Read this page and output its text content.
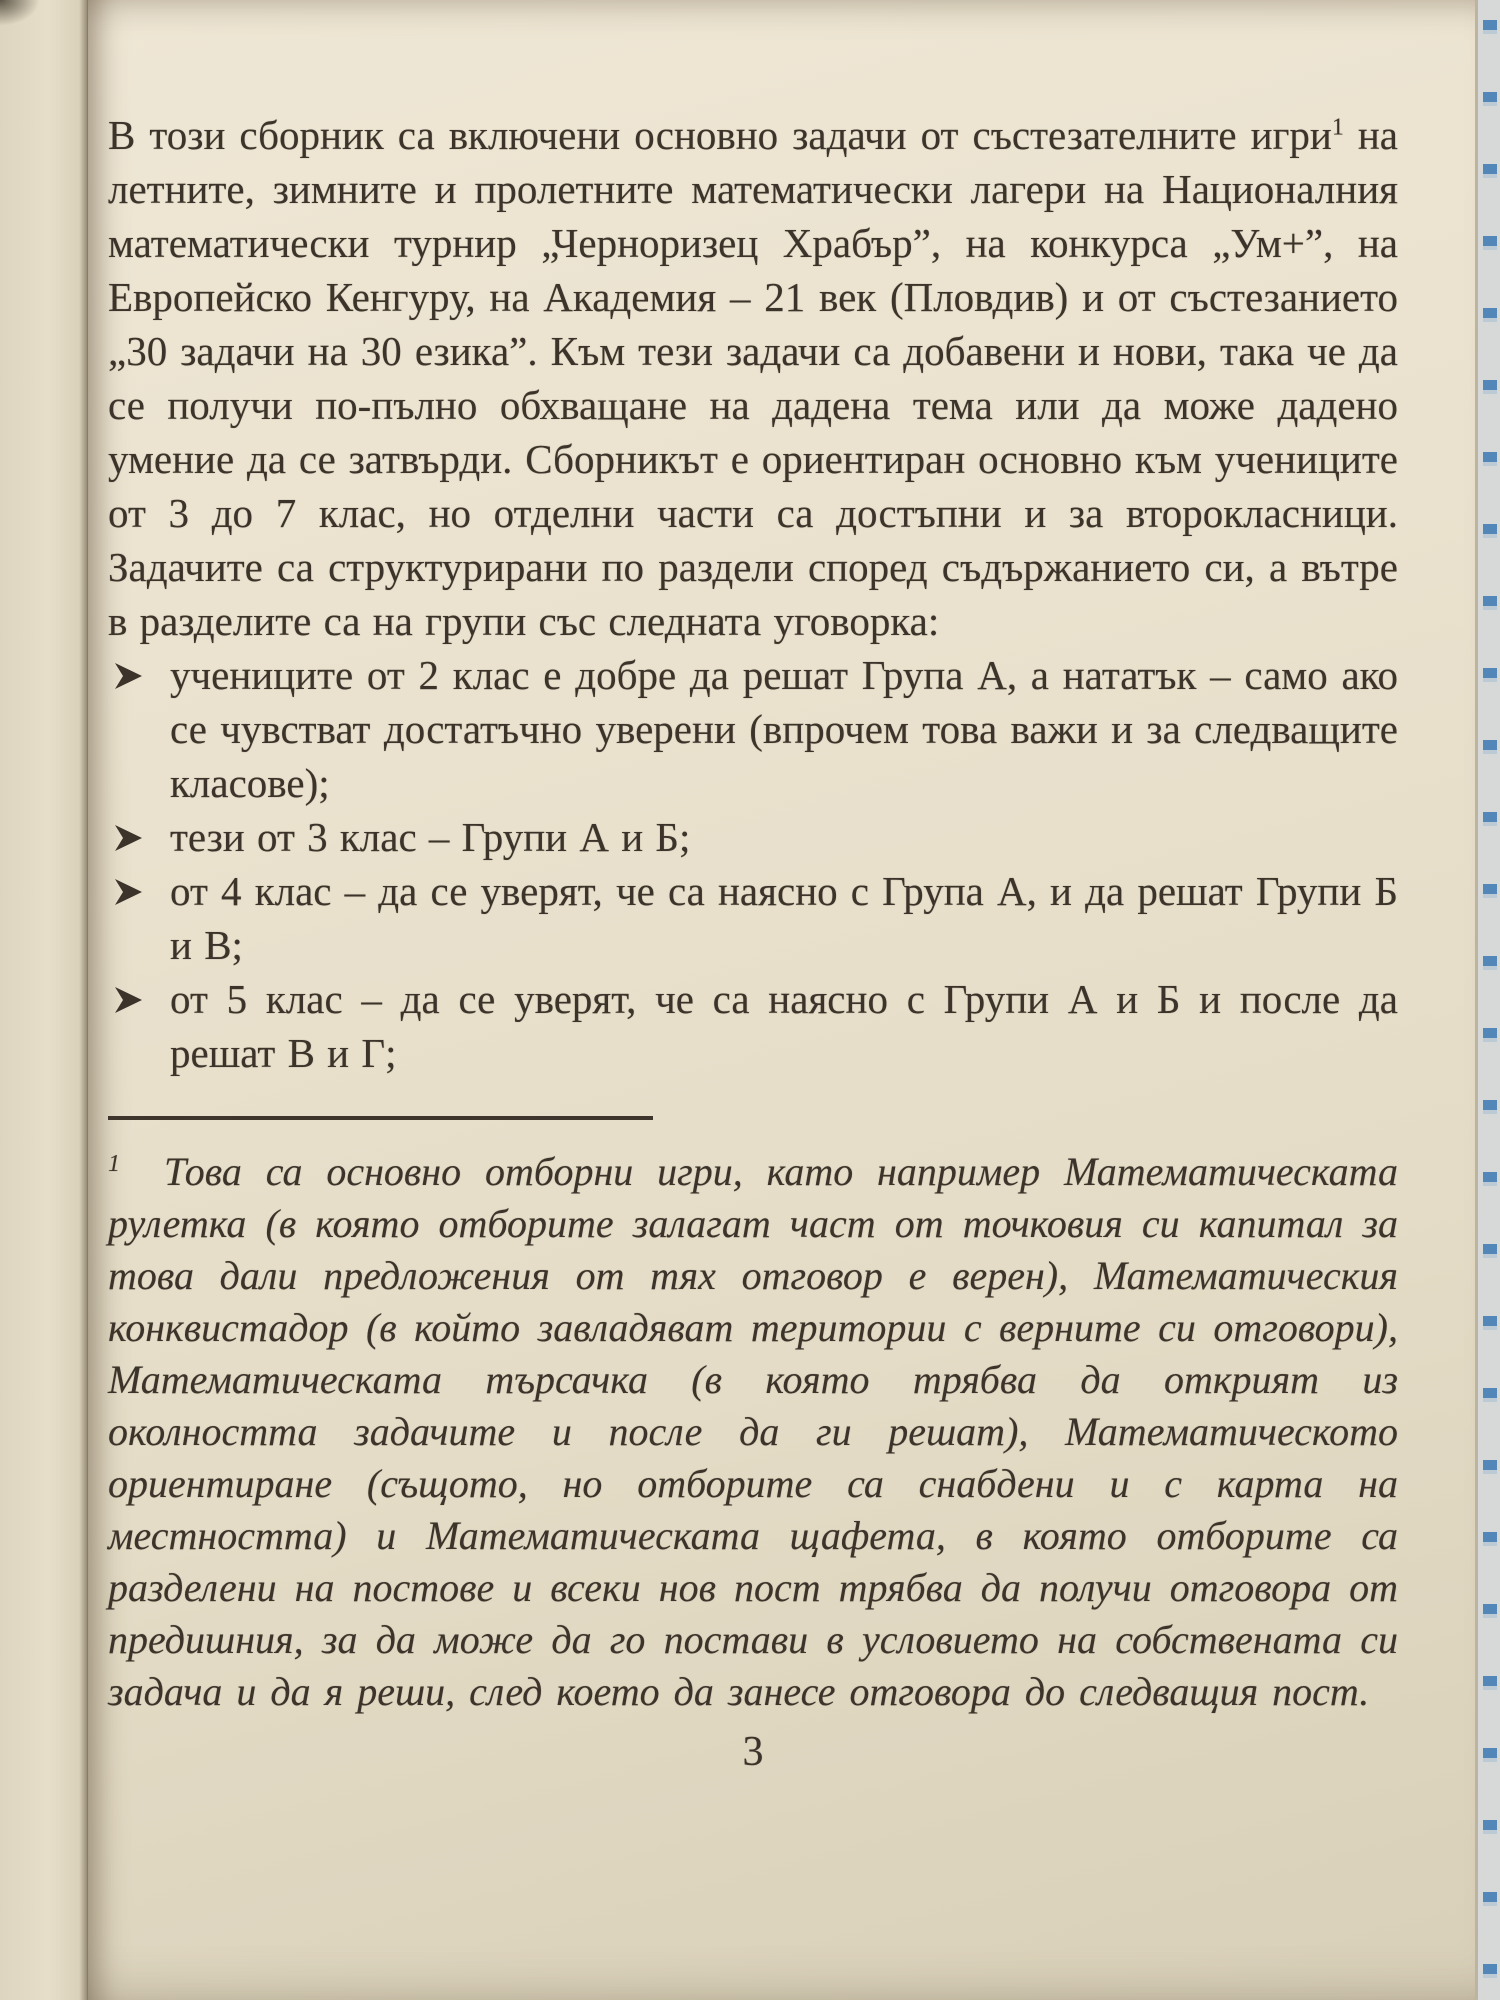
В този сборник са включени основно задачи от състезателните игри$^1$ на летните, зимните и пролетните математически лагери на Националния математически турнир „Черноризец Храбър”, на конкурса „Ум+”, на Европейско Кенгуру, на Академия – 21 век (Пловдив) и от състезанието „30 задачи на 30 езика”. Към тези задачи са добавени и нови, така че да се получи по-пълно обхващане на дадена тема или да може дадено умение да се затвърди. Сборникът е ориентиран основно към учениците от 3 до 7 клас, но отделни части са достъпни и за второкласници. Задачите са структурирани по раздели според съдържанието си, а вътре в разделите са на групи със следната уговорка:

учениците от 2 клас е добре да решат Група А, а нататък – само ако се чувстват достатъчно уверени (впрочем това важи и за следващите класове);
тези от 3 клас – Групи А и Б;
от 4 клас – да се уверят, че са наясно с Група А, и да решат Групи Б и В;
от 5 клас – да се уверят, че са наясно с Групи А и Б и после да решат В и Г;

$^1$ Това са основно отборни игри, като например Математическата рулетка (в която отборите залагат част от точковия си капитал за това дали предложения от тях отговор е верен), Математическия конквистадор (в който завладяват територии с верните си отговори), Математическата търсачка (в която трябва да открият из околността задачите и после да ги решат), Математическото ориентиране (същото, но отборите са снабдени и с карта на местността) и Математическата щафета, в която отборите са разделени на постове и всеки нов пост трябва да получи отговора от предишния, за да може да го постави в условието на собствената си задача и да я реши, след което да занесе отговора до следващия пост.

3
